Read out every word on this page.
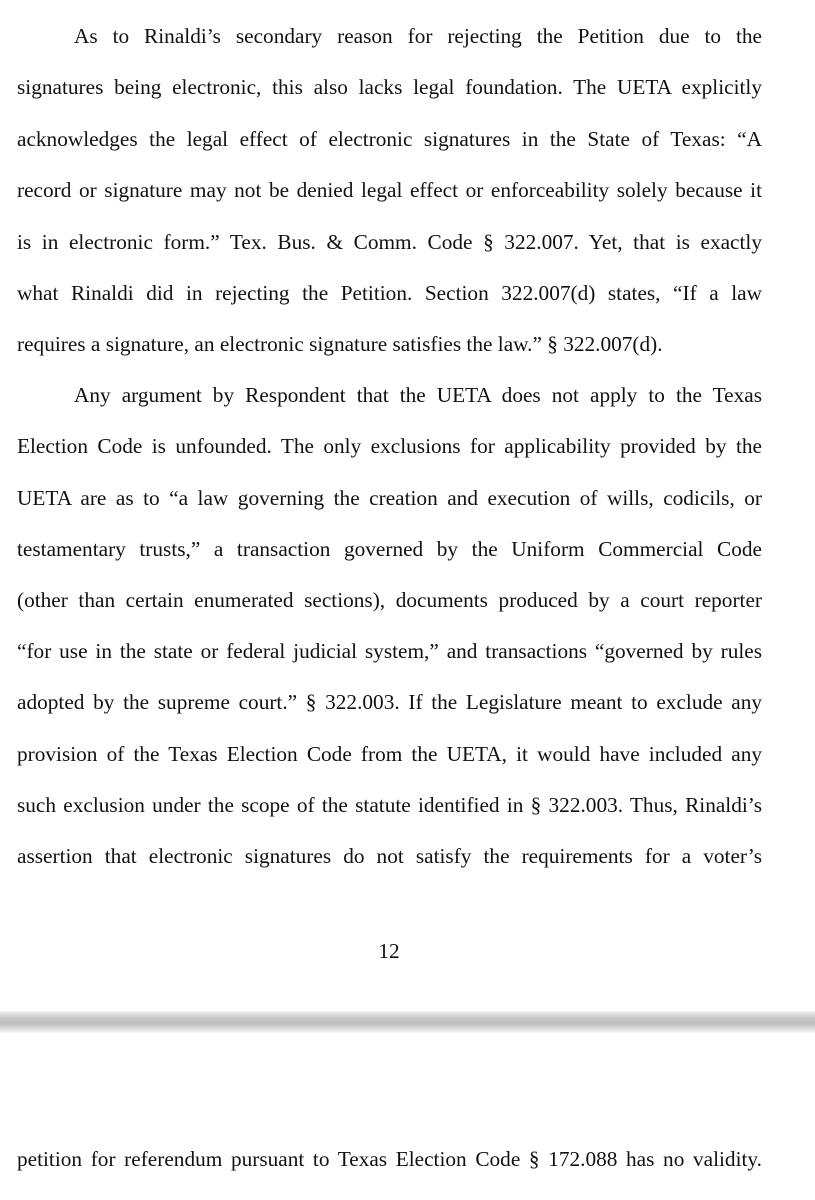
As to Rinaldi’s secondary reason for rejecting the Petition due to the

signatures being electronic, this also lacks legal foundation. The UETA explicitly

acknowledges the legal effect of electronic signatures in the State of Texas: “A

record or signature may not be denied legal effect or enforceability solely because it

is in electronic form.” Tex. Bus. & Comm. Code § 322.007. Yet, that is exactly

what Rinaldi did in rejecting the Petition. Section 322.007(d) states, “If a law

requires a signature, an electronic signature satisfies the law.” § 322.007(d).

Any argument by Respondent that the UETA does not apply to the Texas

Election Code is unfounded. The only exclusions for applicability provided by the

UETA are as to “a law governing the creation and execution of wills, codicils, or

testamentary trusts,” a transaction governed by the Uniform Commercial Code

(other than certain enumerated sections), documents produced by a court reporter

“for use in the state or federal judicial system,” and transactions “governed by rules

adopted by the supreme court.” § 322.003. If the Legislature meant to exclude any

provision of the Texas Election Code from the UETA, it would have included any

such exclusion under the scope of the statute identified in § 322.003. Thus, Rinaldi’s

assertion that electronic signatures do not satisfy the requirements for a voter’s

12

petition for referendum pursuant to Texas Election Code § 172.088 has no validity.
